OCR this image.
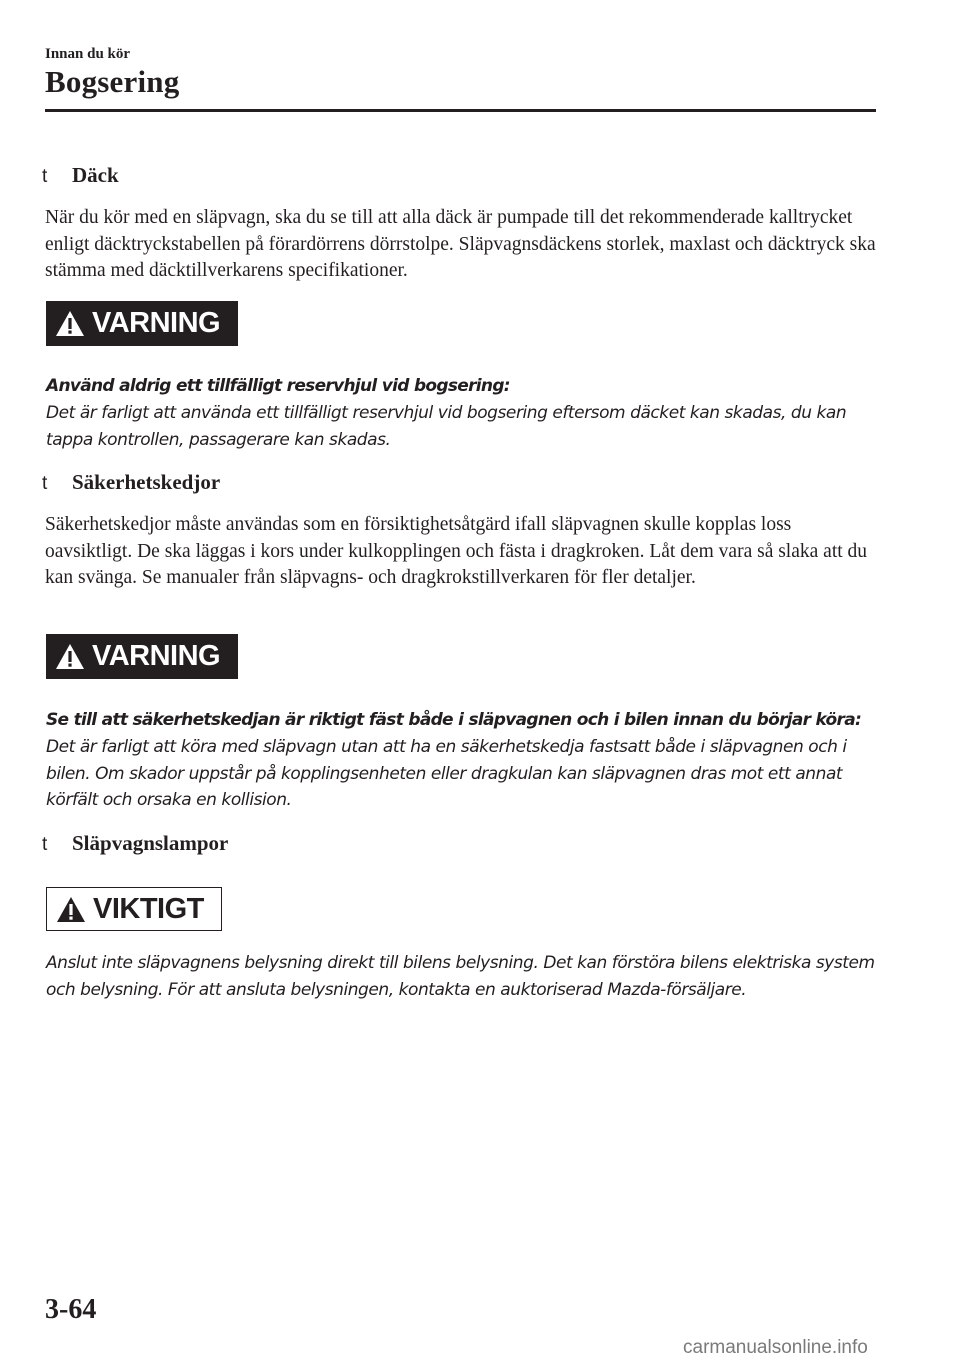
Innan du kör
Bogsering
t	Däck

När du kör med en släpvagn, ska du se till att alla däck är pumpade till det rekommenderade kalltrycket enligt däcktryckstabellen på förardörrens dörrstolpe. Släpvagnsdäckens storlek, maxlast och däcktryck ska stämma med däcktillverkarens specifikationer.

VARNING

Använd aldrig ett tillfälligt reservhjul vid bogsering:

Det är farligt att använda ett tillfälligt reservhjul vid bogsering eftersom däcket kan skadas, du kan tappa kontrollen, passagerare kan skadas.

t	Säkerhetskedjor

Säkerhetskedjor måste användas som en försiktighetsåtgärd ifall släpvagnen skulle kopplas loss oavsiktligt. De ska läggas i kors under kulkopplingen och fästa i dragkroken. Låt dem vara så slaka att du kan svänga. Se manualer från släpvagns- och dragkrokstillverkaren för fler detaljer.

VARNING

Se till att säkerhetskedjan är riktigt fäst både i släpvagnen och i bilen innan du börjar köra:

Det är farligt att köra med släpvagn utan att ha en säkerhetskedja fastsatt både i släpvagnen och i bilen. Om skador uppstår på kopplingsenheten eller dragkulan kan släpvagnen dras mot ett annat körfält och orsaka en kollision.

t	Släpvagnslampor
VIKTIGT

Anslut inte släpvagnens belysning direkt till bilens belysning. Det kan förstöra bilens elektriska system och belysning. För att ansluta belysningen, kontakta en auktoriserad Mazda-försäljare.

3-64
carmanualsonline.info
